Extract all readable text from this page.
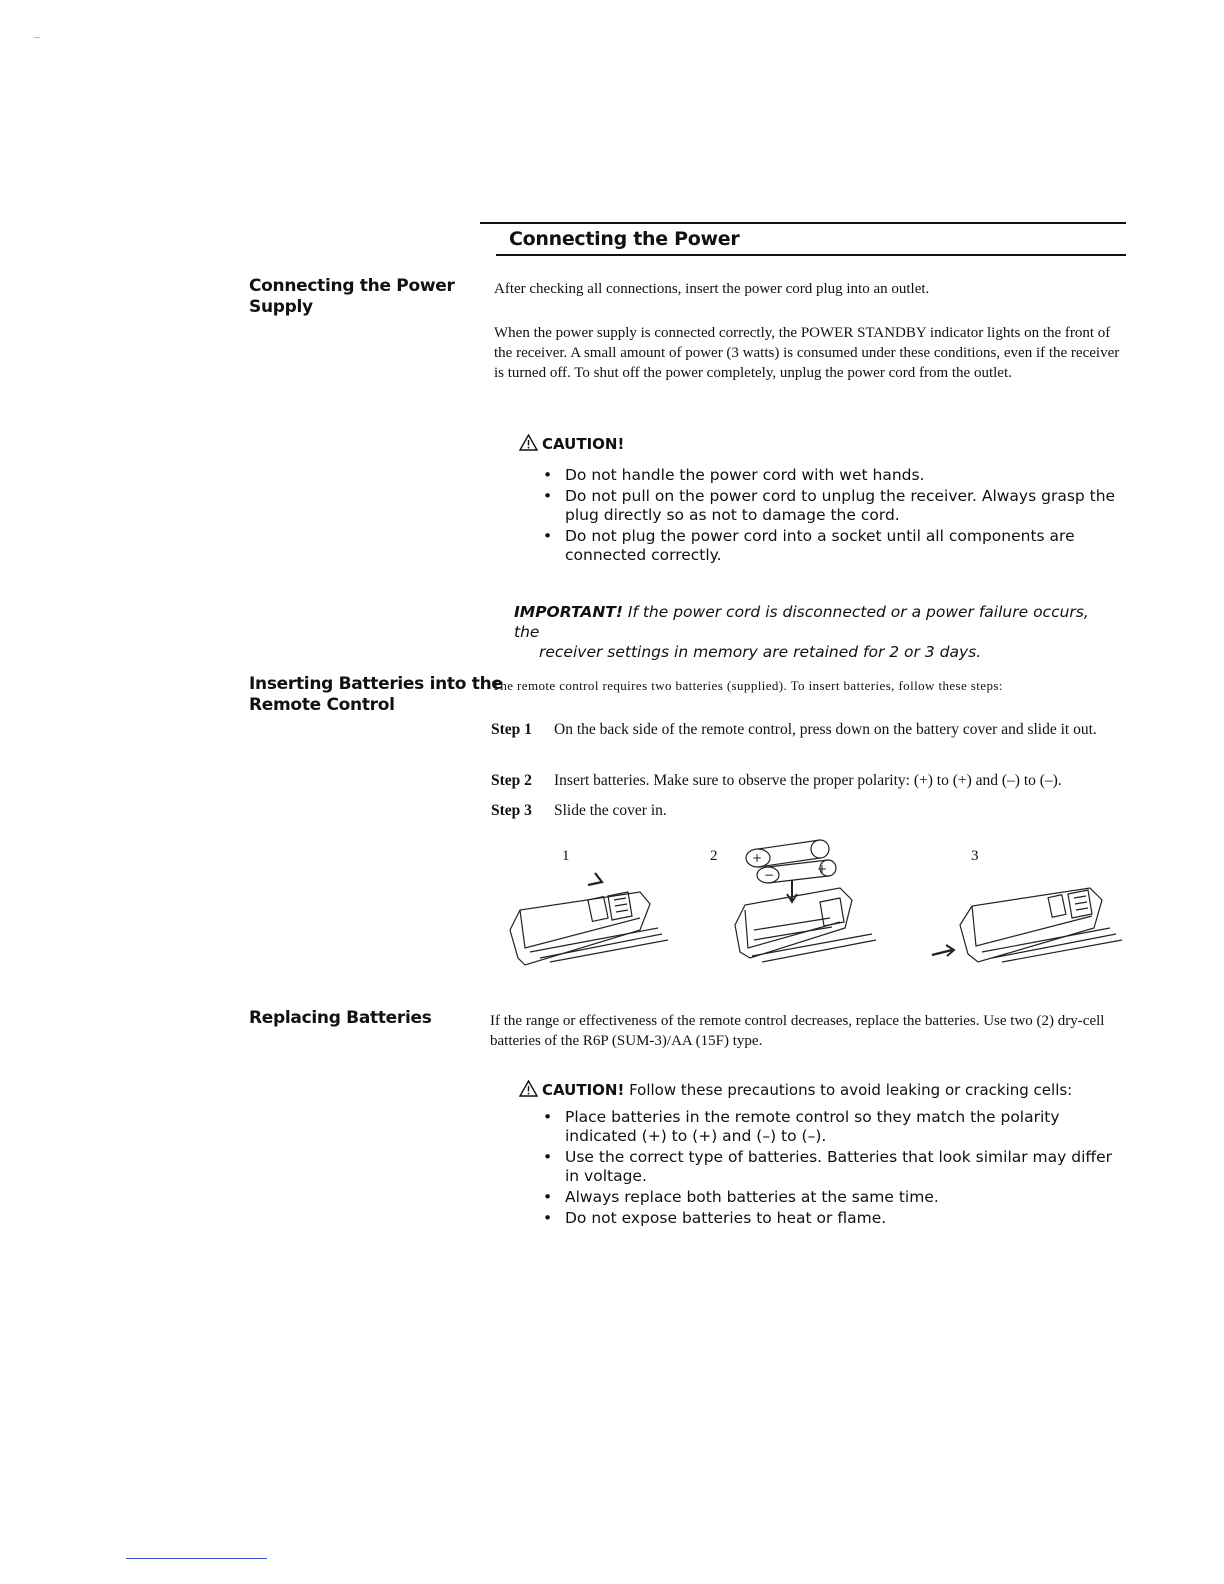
Connecting the Power
Connecting the Power
Supply
After checking all connections, insert the power cord plug into an outlet.
When the power supply is connected correctly, the POWER STANDBY indicator lights on the front of the receiver. A small amount of power (3 watts) is consumed under these conditions, even if the receiver is turned off. To shut off the power completely, unplug the power cord from the outlet.
CAUTION!
• Do not handle the power cord with wet hands.
• Do not pull on the power cord to unplug the receiver. Always grasp the plug directly so as not to damage the cord.
• Do not plug the power cord into a socket until all components are connected correctly.
IMPORTANT! If the power cord is disconnected or a power failure occurs, the
receiver settings in memory are retained for 2 or 3 days.
Inserting Batteries into the
Remote Control
The remote control requires two batteries (supplied). To insert batteries, follow these steps:
Step 1 On the back side of the remote control, press down on the battery cover and slide it out.
Step 2 Insert batteries. Make sure to observe the proper polarity: (+) to (+) and (–) to (–).
Step 3 Slide the cover in.
1	2	3
+
−	+
Replacing Batteries	If the range or effectiveness of the remote control decreases, replace the batteries. Use two (2) dry-cell batteries of the R6P (SUM-3)/AA (15F) type.
CAUTION! Follow these precautions to avoid leaking or cracking cells:
• Place batteries in the remote control so they match the polarity indicated (+) to (+) and (–) to (–).
• Use the correct type of batteries. Batteries that look similar may differ in voltage.
• Always replace both batteries at the same time.
• Do not expose batteries to heat or flame.
